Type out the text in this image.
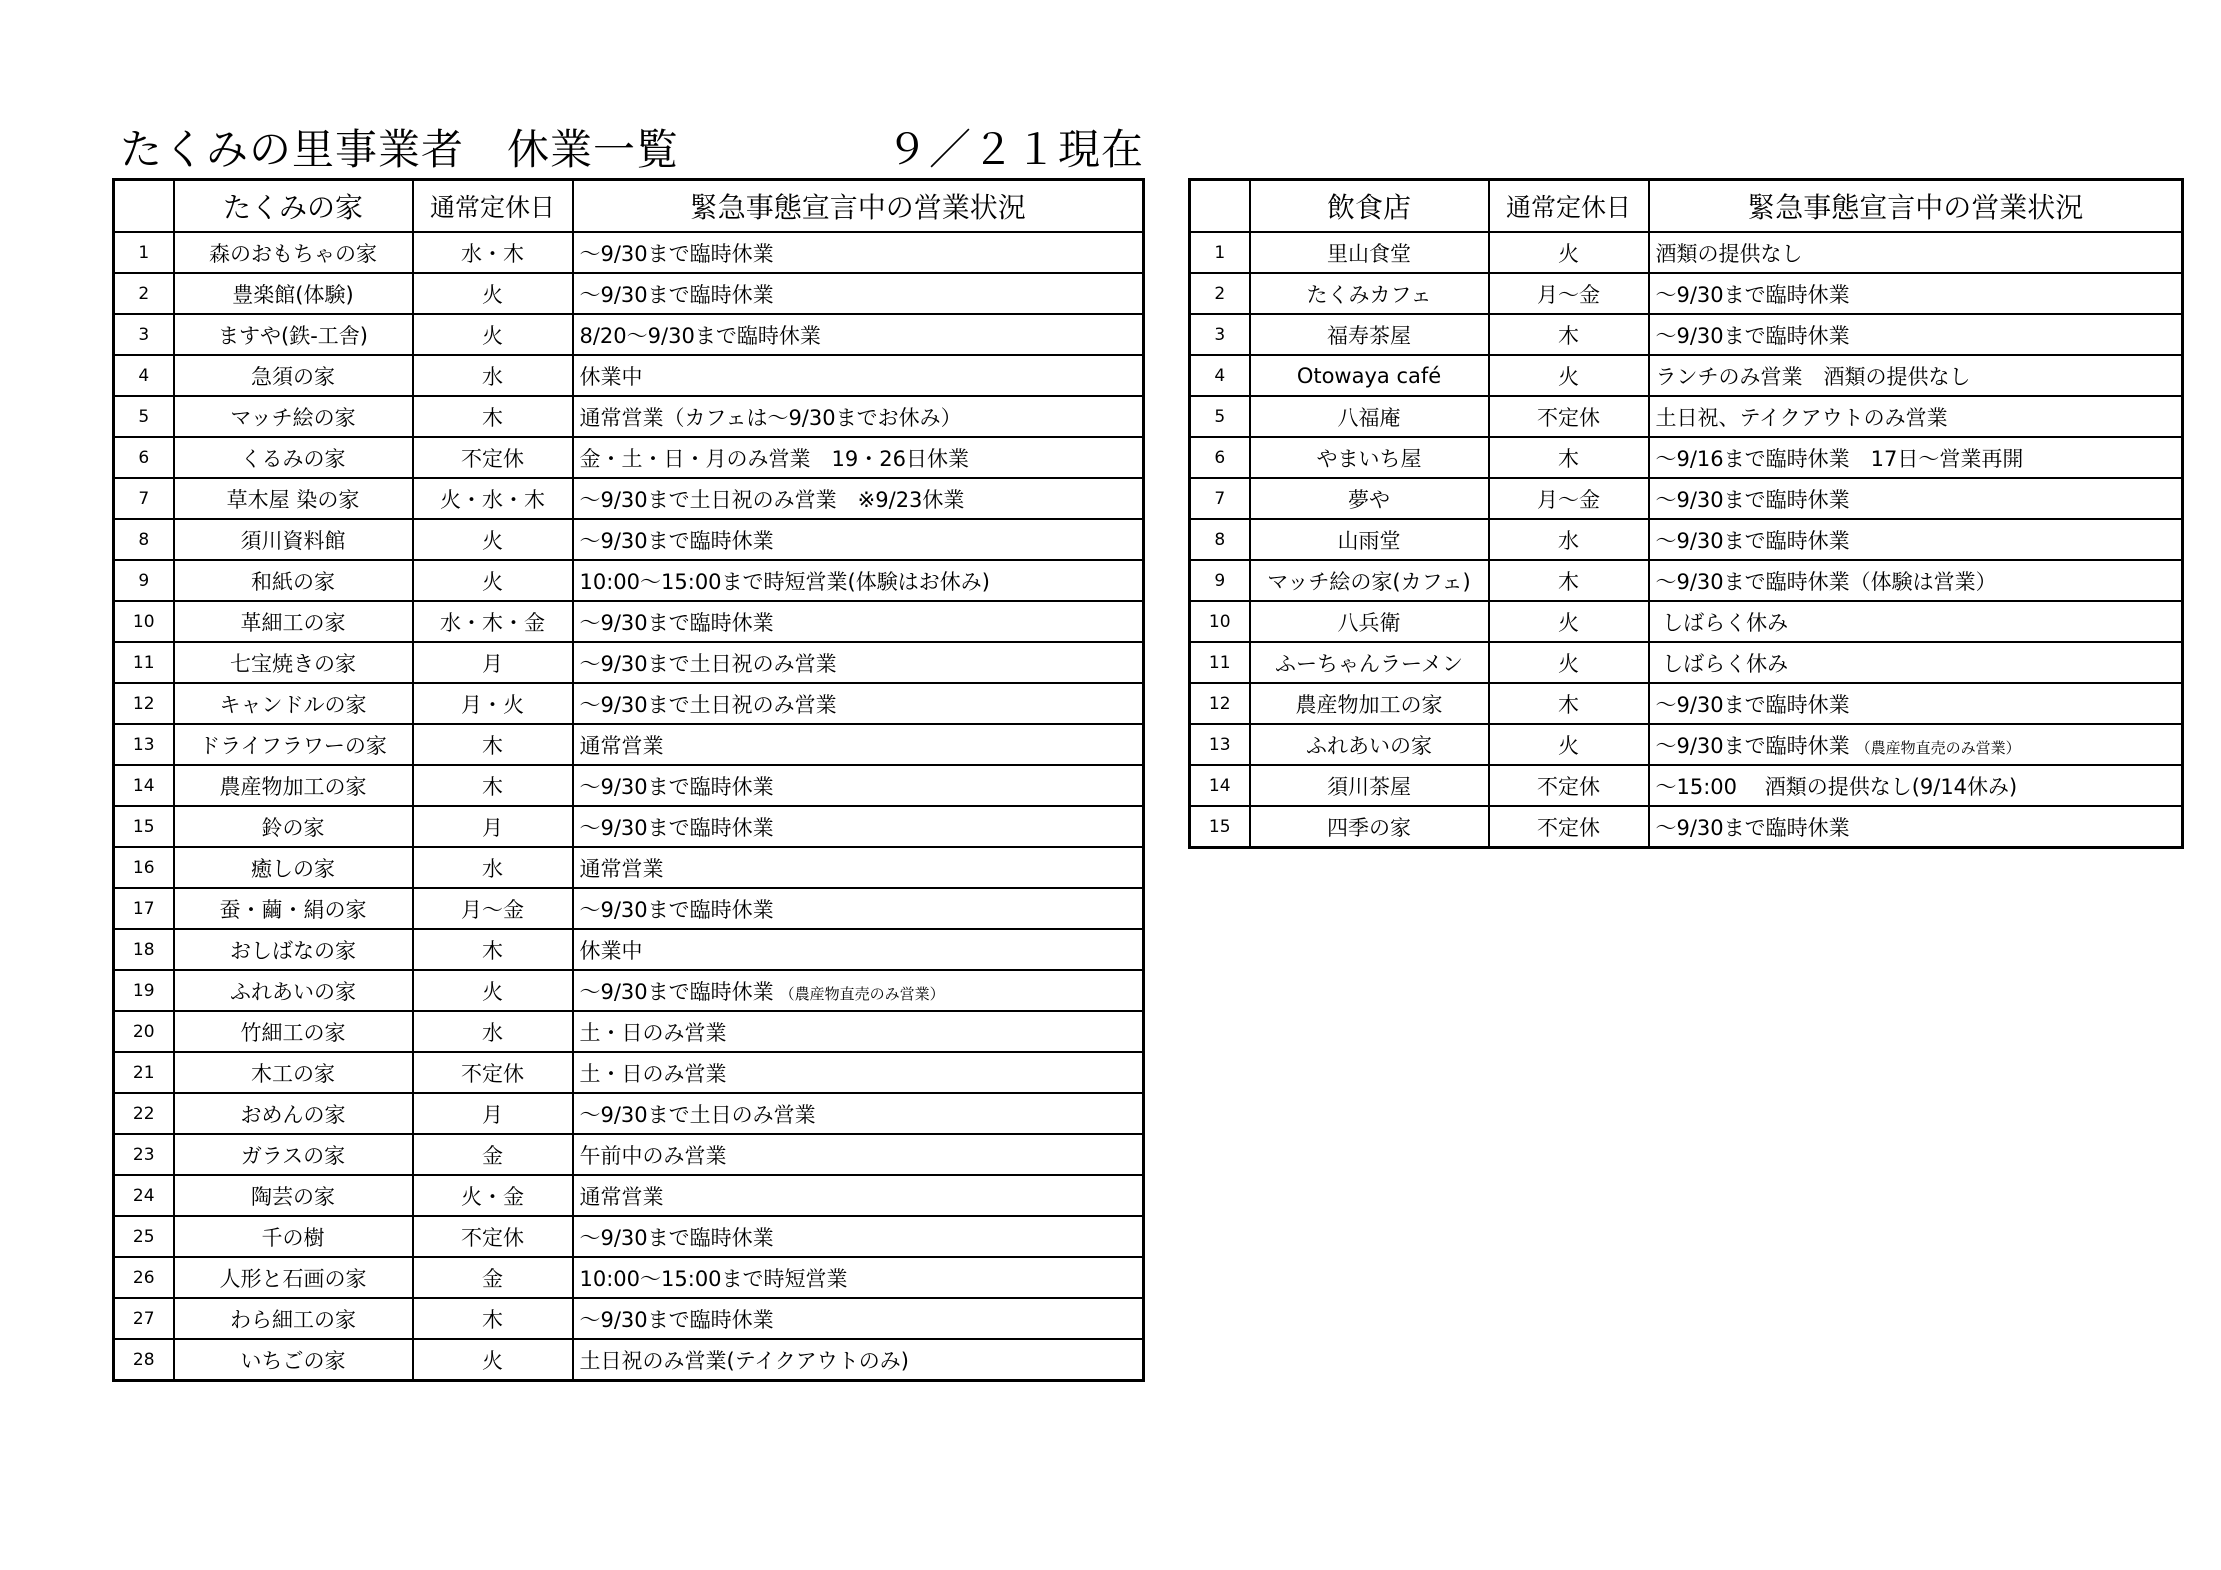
たくみの里事業者　休業一覧	９／２１現在
	たくみの家	通常定休日	緊急事態宣言中の営業状況
1	森のおもちゃの家	水・木	～9/30まで臨時休業
2	豊楽館(体験)	火	～9/30まで臨時休業
3	ますや(鉄-工舎)	火	8/20～9/30まで臨時休業
4	急須の家	水	休業中
5	マッチ絵の家	木	通常営業（カフェは～9/30までお休み）
6	くるみの家	不定休	金・土・日・月のみ営業　19・26日休業
7	草木屋 染の家	火・水・木	～9/30まで土日祝のみ営業　※9/23休業
8	須川資料館	火	～9/30まで臨時休業
9	和紙の家	火	10:00～15:00まで時短営業(体験はお休み)
10	革細工の家	水・木・金	～9/30まで臨時休業
11	七宝焼きの家	月	～9/30まで土日祝のみ営業
12	キャンドルの家	月・火	～9/30まで土日祝のみ営業
13	ドライフラワーの家	木	通常営業
14	農産物加工の家	木	～9/30まで臨時休業
15	鈴の家	月	～9/30まで臨時休業
16	癒しの家	水	通常営業
17	蚕・繭・絹の家	月～金	～9/30まで臨時休業
18	おしばなの家	木	休業中
19	ふれあいの家	火	～9/30まで臨時休業 （農産物直売のみ営業）
20	竹細工の家	水	土・日のみ営業
21	木工の家	不定休	土・日のみ営業
22	おめんの家	月	～9/30まで土日のみ営業
23	ガラスの家	金	午前中のみ営業
24	陶芸の家	火・金	通常営業
25	千の樹	不定休	～9/30まで臨時休業
26	人形と石画の家	金	10:00～15:00まで時短営業
27	わら細工の家	木	～9/30まで臨時休業
28	いちごの家	火	土日祝のみ営業(テイクアウトのみ)
	飲食店	通常定休日	緊急事態宣言中の営業状況
1	里山食堂	火	酒類の提供なし
2	たくみカフェ	月～金	～9/30まで臨時休業
3	福寿茶屋	木	～9/30まで臨時休業
4	Otowaya café	火	ランチのみ営業　酒類の提供なし
5	八福庵	不定休	土日祝、テイクアウトのみ営業
6	やまいち屋	木	～9/16まで臨時休業　17日～営業再開
7	夢や	月～金	～9/30まで臨時休業
8	山雨堂	水	～9/30まで臨時休業
9	マッチ絵の家(カフェ)	木	～9/30まで臨時休業（体験は営業）
10	八兵衛	火	しばらく休み
11	ふーちゃんラーメン	火	しばらく休み
12	農産物加工の家	木	～9/30まで臨時休業
13	ふれあいの家	火	～9/30まで臨時休業 （農産物直売のみ営業）
14	須川茶屋	不定休	～15:00　 酒類の提供なし(9/14休み)
15	四季の家	不定休	～9/30まで臨時休業
